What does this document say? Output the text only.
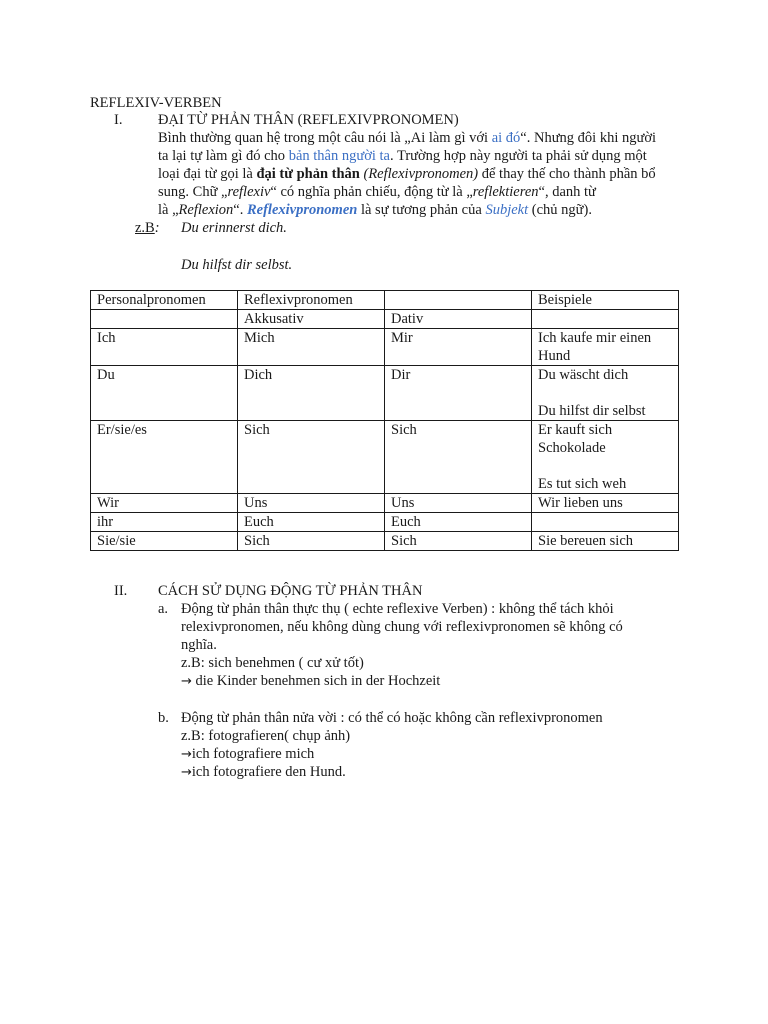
REFLEXIV-VERBEN
I. ĐẠI TỪ PHẢN THÂN (REFLEXIVPRONOMEN)
Bình thường quan hệ trong một câu nói là „Ai làm gì với ai đó“. Nhưng đôi khi người
ta lại tự làm gì đó cho bản thân người ta. Trường hợp này người ta phải sử dụng một
loại đại từ gọi là đại từ phản thân (Reflexivpronomen) để thay thế cho thành phần bổ
sung. Chữ „reflexiv“ có nghĩa phản chiếu, động từ là „reflektieren“, danh từ
là „Reflexion“. Reflexivpronomen là sự tương phản của Subjekt (chủ ngữ).
z.B: Du erinnerst dich.
Du hilfst dir selbst.
Personalpronomen	Reflexivpronomen		Beispiele
	Akkusativ	Dativ	
Ich	Mich	Mir	Ich kaufe mir einen
Hund

Du	Dich	Dir	Du wäscht dich
Du hilfst dir selbst

Er/sie/es	Sich	Sich	Er kauft sich
Schokolade
Es tut sich weh

Wir	Uns	Uns	Wir lieben uns
ihr	Euch	Euch	
Sie/sie	Sich	Sich	Sie bereuen sich
II. CÁCH SỬ DỤNG ĐỘNG TỪ PHẢN THÂN
a. Động từ phản thân thực thụ ( echte reflexive Verben) : không thể tách khỏi
relexivpronomen, nếu không dùng chung với reflexivpronomen sẽ không có
nghĩa.
z.B: sich benehmen ( cư xử tốt)
→ die Kinder benehmen sich in der Hochzeit
b. Động từ phản thân nửa vời : có thể có hoặc không cần reflexivpronomen
z.B: fotografieren( chụp ảnh)
→ich fotografiere mich
→ich fotografiere den Hund.
